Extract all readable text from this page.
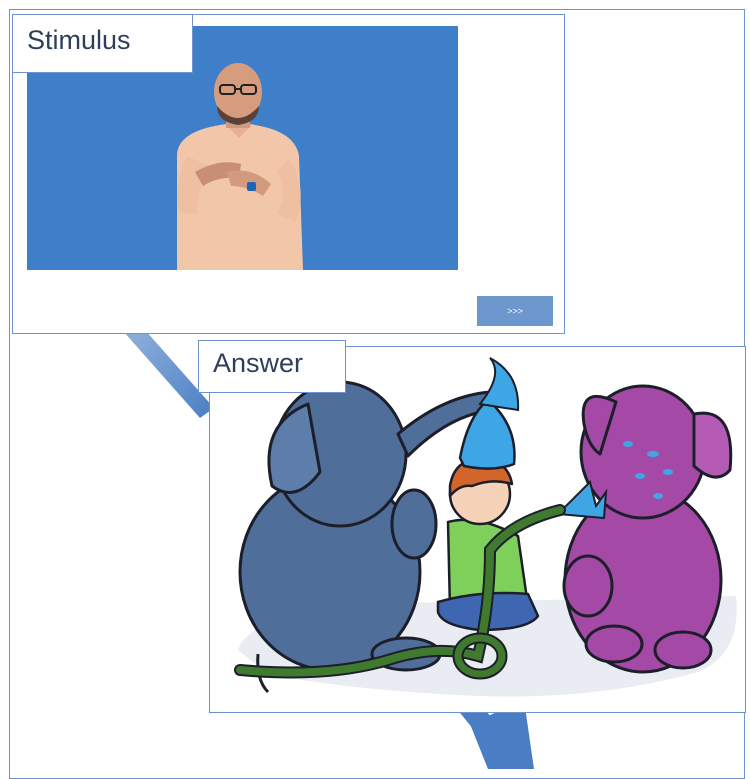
>>>
Stimulus
Answer
